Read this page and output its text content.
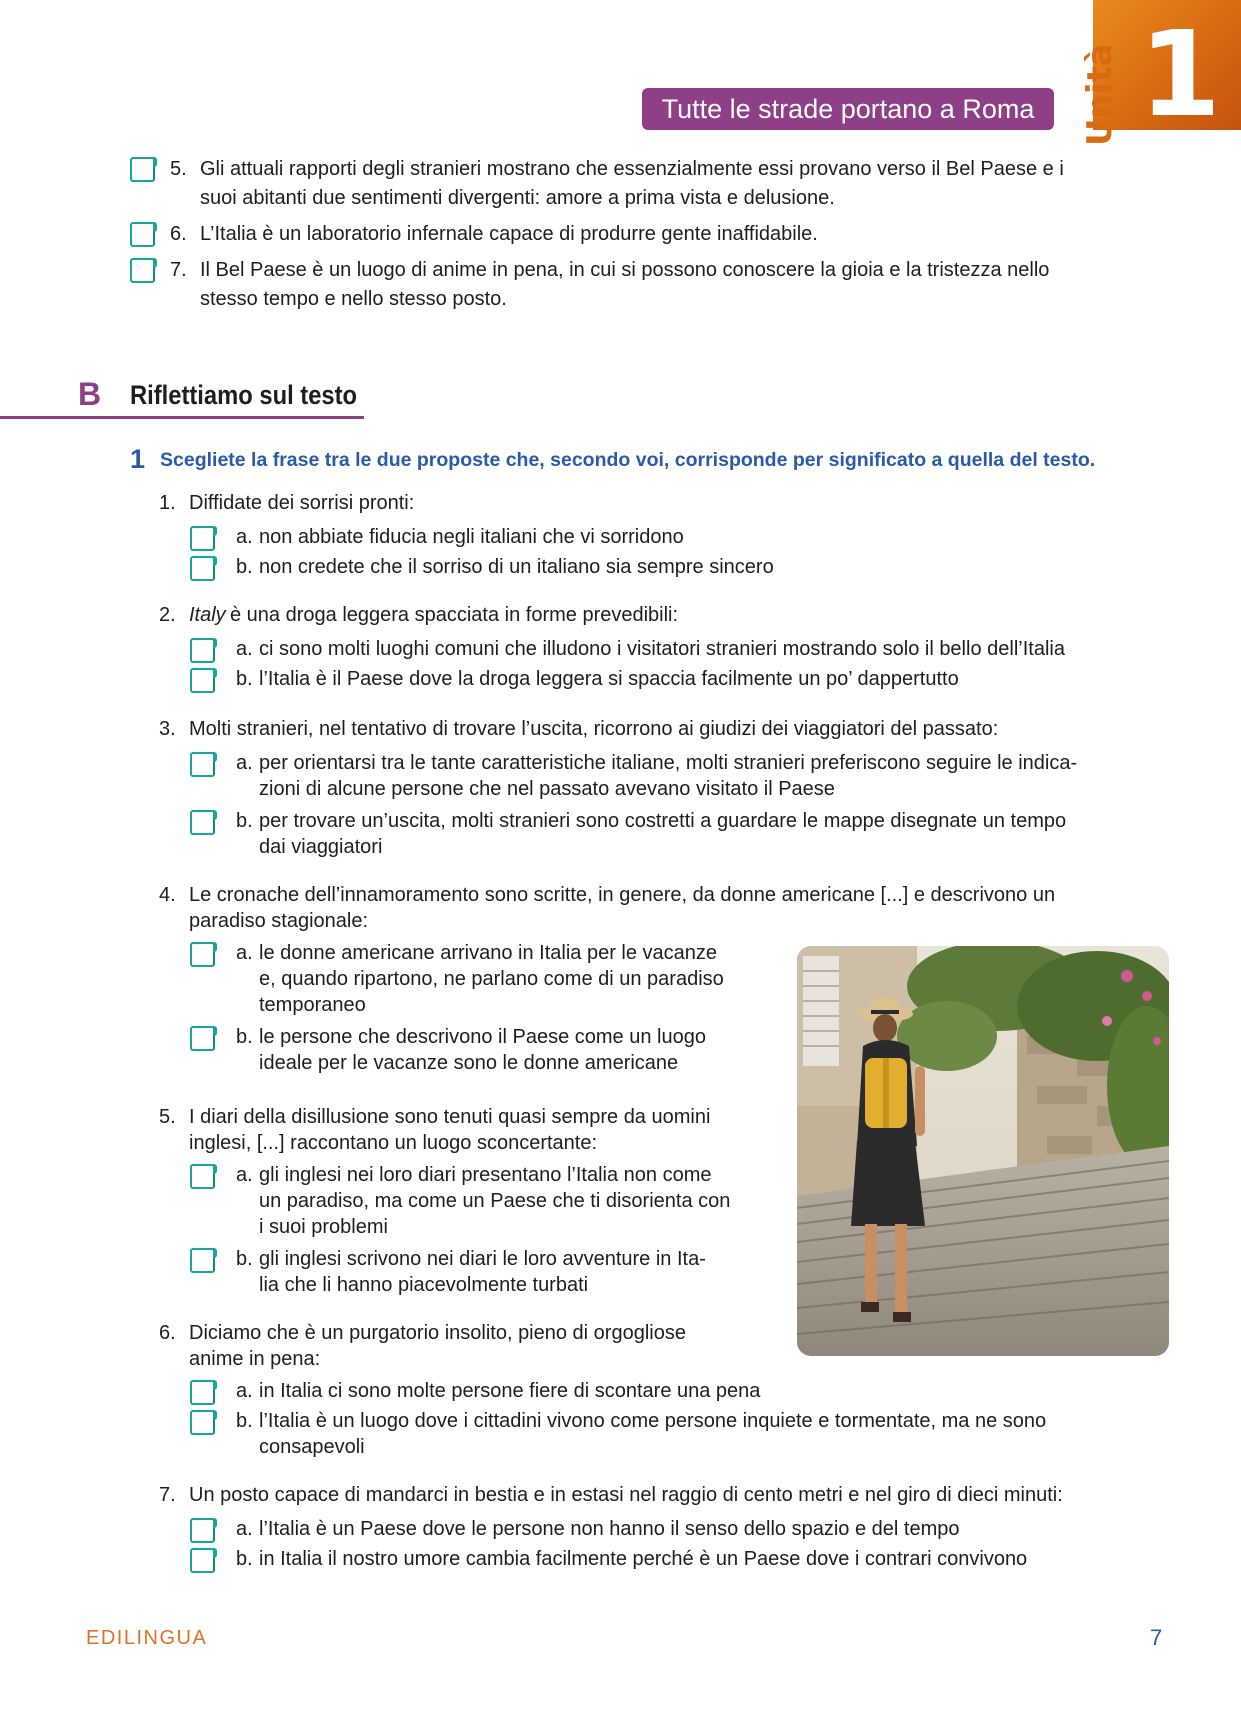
1
Unità
Tutte le strade portano a Roma
B Riflettiamo sul testo
1 Scegliete la frase tra le due proposte che, secondo voi, corrisponde per significato a quella del testo.
EDILINGUA	7
5. Gli attuali rapporti degli stranieri mostrano che essenzialmente essi provano verso il Bel Paese e i
suoi abitanti due sentimenti divergenti: amore a prima vista e delusione.
6. L’Italia è un laboratorio infernale capace di produrre gente inaffidabile.
7. Il Bel Paese è un luogo di anime in pena, in cui si possono conoscere la gioia e la tristezza nello
stesso tempo e nello stesso posto.
1. Diffidate dei sorrisi pronti:
a. non abbiate fiducia negli italiani che vi sorridono
b. non credete che il sorriso di un italiano sia sempre sincero
2. Italy è una droga leggera spacciata in forme prevedibili:
a. ci sono molti luoghi comuni che illudono i visitatori stranieri mostrando solo il bello dell’Italia
b. l’Italia è il Paese dove la droga leggera si spaccia facilmente un po’ dappertutto
3. Molti stranieri, nel tentativo di trovare l’uscita, ricorrono ai giudizi dei viaggiatori del passato:
a. per orientarsi tra le tante caratteristiche italiane, molti stranieri preferiscono seguire le indica-
zioni di alcune persone che nel passato avevano visitato il Paese
b. per trovare un’uscita, molti stranieri sono costretti a guardare le mappe disegnate un tempo
dai viaggiatori
4. Le cronache dell’innamoramento sono scritte, in genere, da donne americane [...] e descrivono un
paradiso stagionale:
a. le donne americane arrivano in Italia per le vacanze
e, quando ripartono, ne parlano come di un paradiso
temporaneo
b. le persone che descrivono il Paese come un luogo
ideale per le vacanze sono le donne americane
5. I diari della disillusione sono tenuti quasi sempre da uomini
inglesi, [...] raccontano un luogo sconcertante:
a. gli inglesi nei loro diari presentano l’Italia non come
un paradiso, ma come un Paese che ti disorienta con
i suoi problemi
b. gli inglesi scrivono nei diari le loro avventure in Ita-
lia che li hanno piacevolmente turbati
6. Diciamo che è un purgatorio insolito, pieno di orgogliose
anime in pena:
a. in Italia ci sono molte persone fiere di scontare una pena
b. l’Italia è un luogo dove i cittadini vivono come persone inquiete e tormentate, ma ne sono
consapevoli
7. Un posto capace di mandarci in bestia e in estasi nel raggio di cento metri e nel giro di dieci minuti:
a. l’Italia è un Paese dove le persone non hanno il senso dello spazio e del tempo
b. in Italia il nostro umore cambia facilmente perché è un Paese dove i contrari convivono
